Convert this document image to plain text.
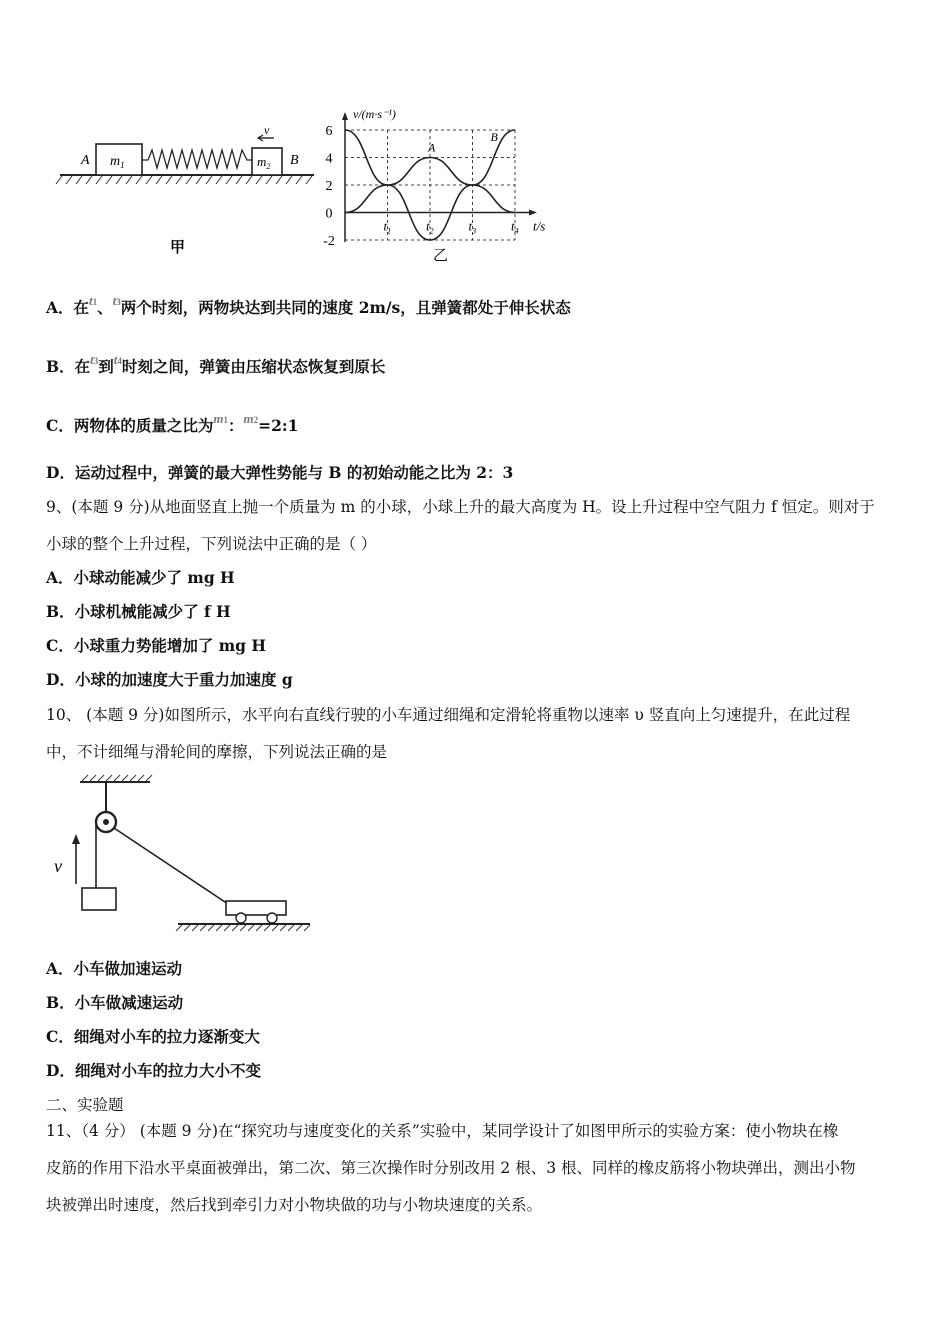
$m_1$
A	$m_2$ B
v
甲
v/(m·s⁻¹)
t/s
6
4
2
0
-2
$t_1$	$t_2$	$t_3$	$t_4$
A
B
乙
A．在$^{t1}$、$^{t3}$两个时刻，两物块达到共同的速度 2m/s，且弹簧都处于伸长状态
B．在$^{t3}$到$^{t4}$时刻之间，弹簧由压缩状态恢复到原长
C．两物体的质量之比为$^{m1}$：$^{m2}$=2:1
D．运动过程中，弹簧的最大弹性势能与 B 的初始动能之比为 2：3
9、(本题 9 分)从地面竖直上抛一个质量为 m 的小球，小球上升的最大高度为 H。设上升过程中空气阻力 f 恒定。则对于
小球的整个上升过程，下列说法中正确的是（ ）
A．小球动能减少了 mg H
B．小球机械能减少了 f H
C．小球重力势能增加了 mg H
D．小球的加速度大于重力加速度 g
10、 (本题 9 分)如图所示，水平向右直线行驶的小车通过细绳和定滑轮将重物以速率 υ 竖直向上匀速提升，在此过程
中，不计细绳与滑轮间的摩擦，下列说法正确的是
v
A．小车做加速运动
B．小车做减速运动
C．细绳对小车的拉力逐渐变大
D．细绳对小车的拉力大小不变
二、实验题
11、（4 分） (本题 9 分)在“探究功与速度变化的关系”实验中，某同学设计了如图甲所示的实验方案：使小物块在橡
皮筋的作用下沿水平桌面被弹出，第二次、第三次操作时分别改用 2 根、3 根、同样的橡皮筋将小物块弹出，测出小物
块被弹出时速度，然后找到牵引力对小物块做的功与小物块速度的关系。
